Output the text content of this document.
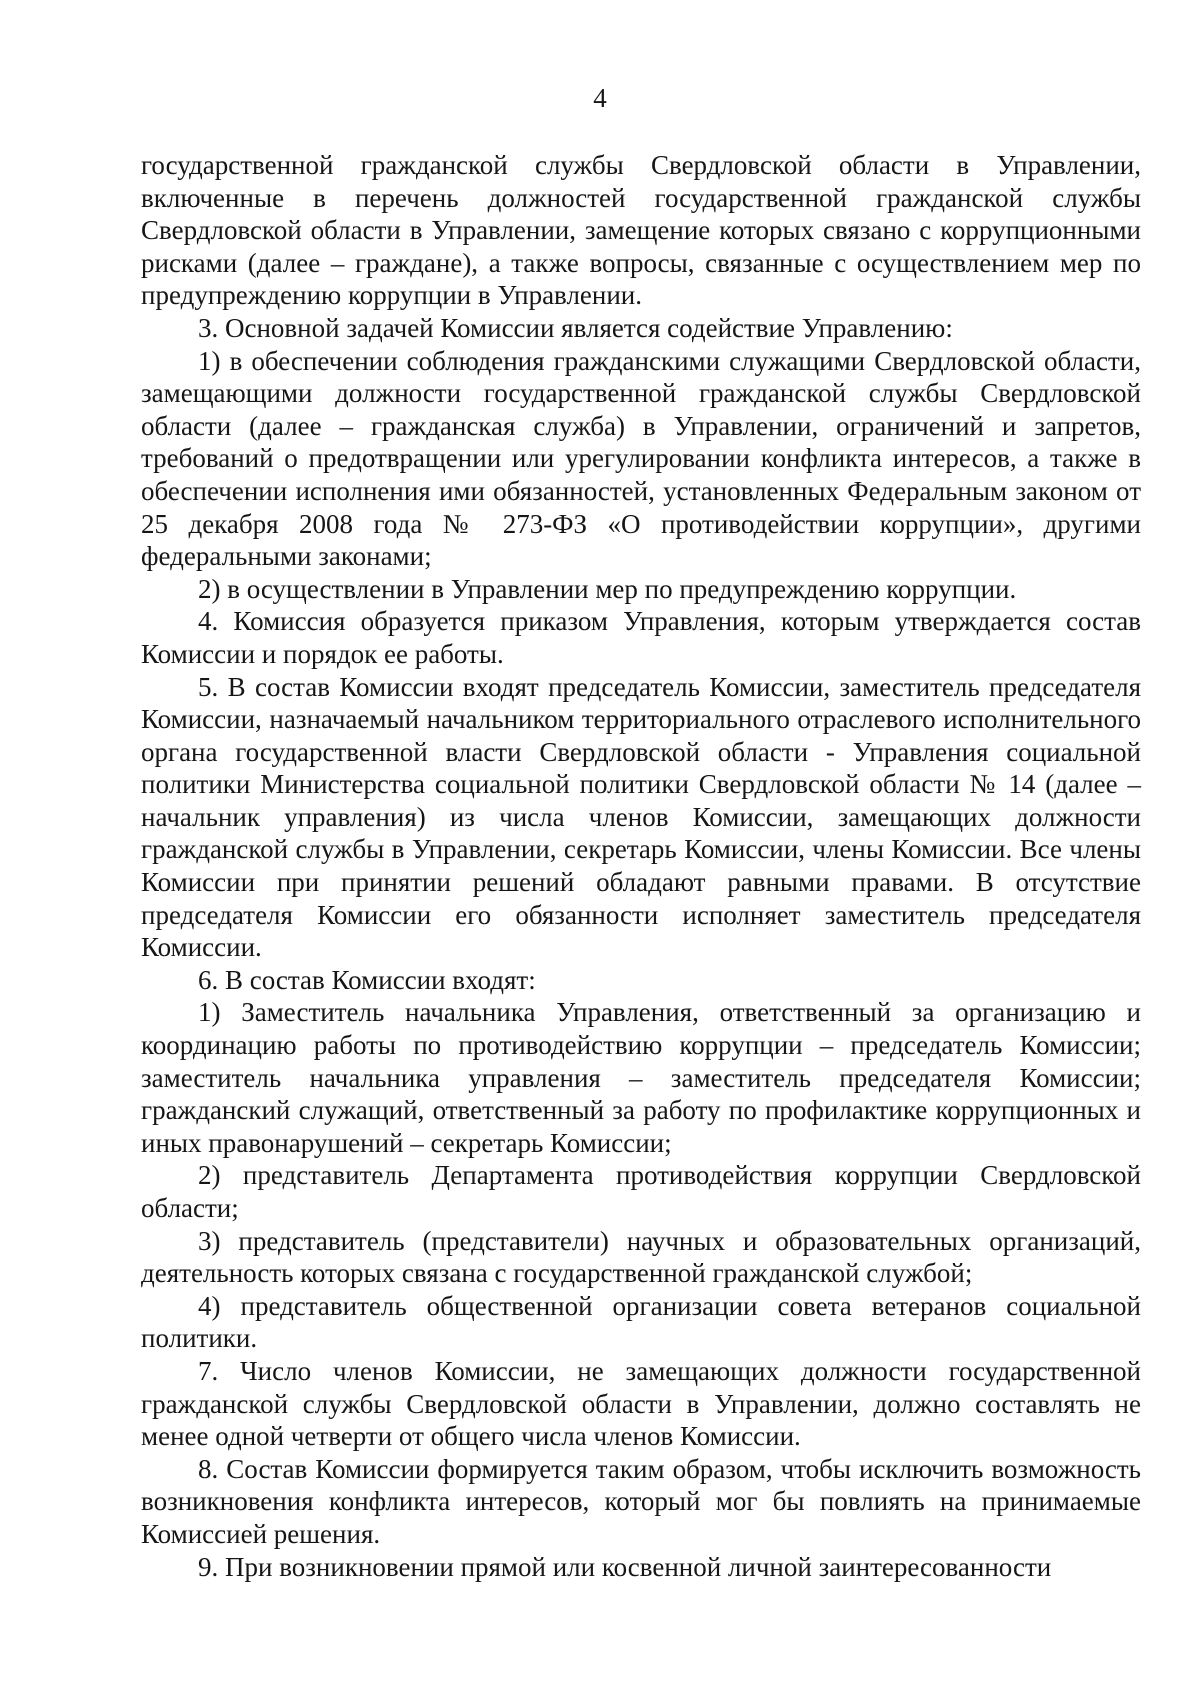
4

государственной гражданской службы Свердловской области в Управлении, включенные в перечень должностей государственной гражданской службы Свердловской области в Управлении, замещение которых связано с коррупционными рисками (далее – граждане), а также вопросы, связанные с осуществлением мер по предупреждению коррупции в Управлении.

3. Основной задачей Комиссии является содействие Управлению:

1) в обеспечении соблюдения гражданскими служащими Свердловской области, замещающими должности государственной гражданской службы Свердловской области (далее – гражданская служба) в Управлении, ограничений и запретов, требований о предотвращении или урегулировании конфликта интересов, а также в обеспечении исполнения ими обязанностей, установленных Федеральным законом от 25 декабря 2008 года № 273-ФЗ «О противодействии коррупции», другими федеральными законами;

2) в осуществлении в Управлении мер по предупреждению коррупции.

4. Комиссия образуется приказом Управления, которым утверждается состав Комиссии и порядок ее работы.

5. В состав Комиссии входят председатель Комиссии, заместитель председателя Комиссии, назначаемый начальником территориального отраслевого исполнительного органа государственной власти Свердловской области - Управления социальной политики Министерства социальной политики Свердловской области № 14 (далее – начальник управления) из числа членов Комиссии, замещающих должности гражданской службы в Управлении, секретарь Комиссии, члены Комиссии. Все члены Комиссии при принятии решений обладают равными правами. В отсутствие председателя Комиссии его обязанности исполняет заместитель председателя Комиссии.

6. В состав Комиссии входят:

1) Заместитель начальника Управления, ответственный за организацию и координацию работы по противодействию коррупции – председатель Комиссии; заместитель начальника управления – заместитель председателя Комиссии; гражданский служащий, ответственный за работу по профилактике коррупционных и иных правонарушений – секретарь Комиссии;

2) представитель Департамента противодействия коррупции Свердловской области;

3) представитель (представители) научных и образовательных организаций, деятельность которых связана с государственной гражданской службой;

4) представитель общественной организации совета ветеранов социальной политики.

7. Число членов Комиссии, не замещающих должности государственной гражданской службы Свердловской области в Управлении, должно составлять не менее одной четверти от общего числа членов Комиссии.

8. Состав Комиссии формируется таким образом, чтобы исключить возможность возникновения конфликта интересов, который мог бы повлиять на принимаемые Комиссией решения.

9. При возникновении прямой или косвенной личной заинтересованности
